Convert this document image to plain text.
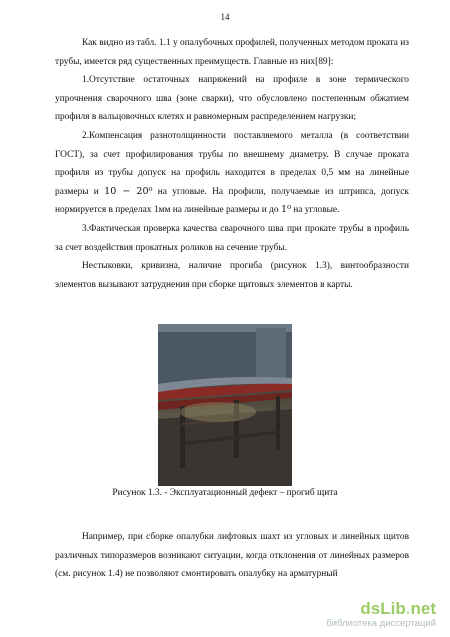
14

Как видно из табл. 1.1 у опалубочных профилей, полученных методом проката из трубы, имеется ряд существенных преимуществ. Главные из них[89]:

1.Отсутствие остаточных напряжений на профиле в зоне термического упрочнения сварочного шва (зоне сварки), что обусловлено постепенным обжатием профиля в вальцовочных клетях и равномерным распределением нагрузки;

2.Компенсация разнотолщинности поставляемого металла (в соответствии ГОСТ), за счет профилирования трубы по внешнему диаметру. В случае проката профиля из трубы допуск на профиль находится в пределах 0,5 мм на линейные размеры и 10 − 20⁰ на угловые. На профили, получаемые из штрипса, допуск нормируется в пределах 1мм на линейные размеры и до 1⁰ на угловые.

3.Фактическая проверка качества сварочного шва при прокате трубы в профиль за счет воздействия прокатных роликов на сечение трубы.

Нестыковки, кривизна, наличие прогиба (рисунок 1.3), винтообразности элементов вызывают затруднения при сборке щитовых элементов в карты.

Рисунок 1.3. - Эксплуатационный дефект – прогиб щита

Например, при сборке опалубки лифтовых шахт из угловых и линейных щитов различных типоразмеров возникают ситуации, когда отклонения от линейных размеров (см. рисунок 1.4) не позволяют смонтировать опалубку на арматурный

dsLib.net
библиотека диссертаций
